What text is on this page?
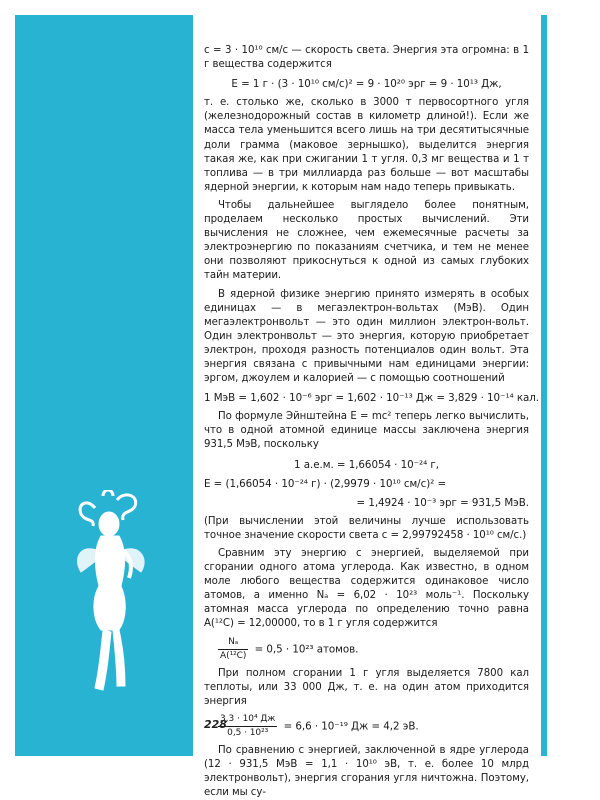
c = 3 · 10¹⁰ см/с — скорость света. Энергия эта огромна: в 1 г вещества содержится

E = 1 г · (3 · 10¹⁰ см/с)² = 9 · 10²⁰ эрг = 9 · 10¹³ Дж,

т. е. столько же, сколько в 3000 т первосортного угля (железнодорожный состав в километр длиной!). Если же масса тела уменьшится всего лишь на три десятитысячные доли грамма (маковое зернышко), выделится энергия такая же, как при сжигании 1 т угля. 0,3 мг вещества и 1 т топлива — в три миллиарда раз больше — вот масштабы ядерной энергии, к которым нам надо теперь привыкать.

Чтобы дальнейшее выглядело более понятным, проделаем несколько простых вычислений. Эти вычисления не сложнее, чем ежемесячные расчеты за электроэнергию по показаниям счетчика, и тем не менее они позволяют прикоснуться к одной из самых глубоких тайн материи.

В ядерной физике энергию принято измерять в особых единицах — в мегаэлектрон-вольтах (МэВ). Один мегаэлектронвольт — это один миллион электрон-вольт. Один электронвольт — это энергия, которую приобретает электрон, проходя разность потенциалов один вольт. Эта энергия связана с привычными нам единицами энергии: эргом, джоулем и калорией — с помощью соотношений

1 МэВ = 1,602 · 10⁻⁶ эрг = 1,602 · 10⁻¹³ Дж = 3,829 · 10⁻¹⁴ кал.

По формуле Эйнштейна E = mc² теперь легко вычислить, что в одной атомной единице массы заключена энергия 931,5 МэВ, поскольку

1 а.е.м. = 1,66054 · 10⁻²⁴ г,
E = (1,66054 · 10⁻²⁴ г) · (2,9979 · 10¹⁰ см/с)² =
= 1,4924 · 10⁻³ эрг = 931,5 МэВ.

(При вычислении этой величины лучше использовать точное значение скорости света c = 2,99792458 · 10¹⁰ см/с.)

Сравним эту энергию с энергией, выделяемой при сгорании одного атома углерода. Как известно, в одном моле любого вещества содержится одинаковое число атомов, а именно Nₐ = 6,02 · 10²³ моль⁻¹. Поскольку атомная масса углерода по определению точно равна A(¹²C) = 12,00000, то в 1 г угля содержится

$\frac{\text{Nₐ}}{\text{A(¹²C)}} = 0,5 \cdot 10^{23}$ атомов.

При полном сгорании 1 г угля выделяется 7800 кал теплоты, или 33 000 Дж, т. е. на один атом приходится энергия

$\frac{\text{3,3 · 10⁴ Дж}}{\text{0,5 · 10²³}} = 6,6 \cdot 10^{-19}$ Дж = 4,2 эВ.

По сравнению с энергией, заключенной в ядре углерода (12 · 931,5 МэВ = 1,1 · 10¹⁰ эВ, т. е. более 10 млрд электронвольт), энергия сгорания угля ничтожна. Поэтому, если мы су-

228
